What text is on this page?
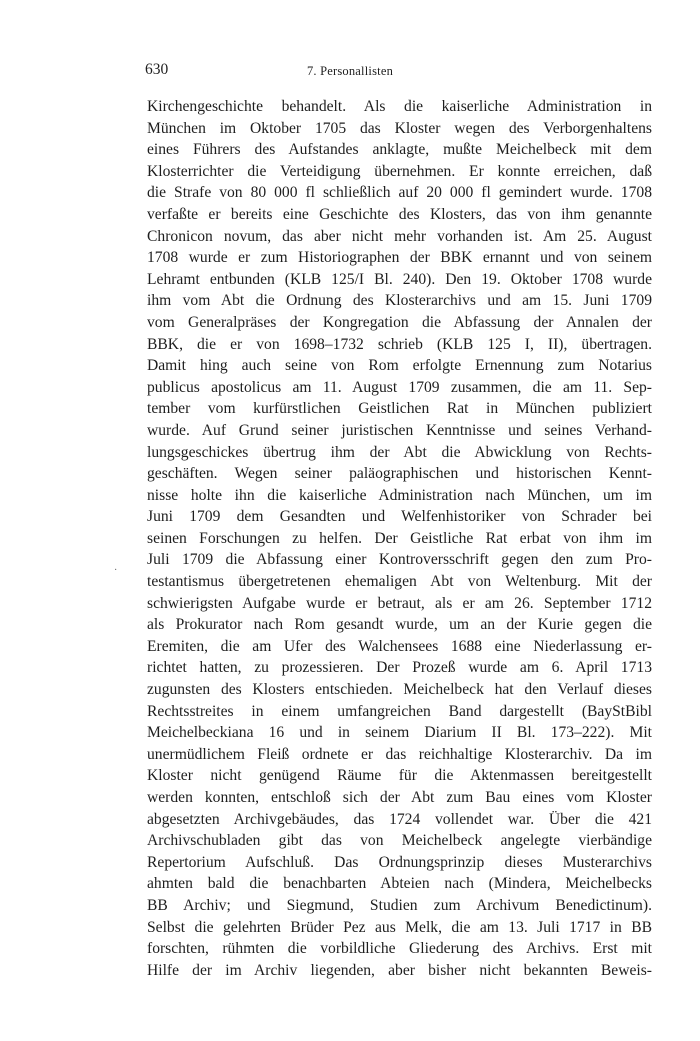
630	7. Personallisten
·
Kirchengeschichte behandelt. Als die kaiserliche Administration in
München im Oktober 1705 das Kloster wegen des Verborgenhaltens
eines Führers des Aufstandes anklagte, mußte Meichelbeck mit dem
Klosterrichter die Verteidigung übernehmen. Er konnte erreichen, daß
die Strafe von 80 000 fl schließlich auf 20 000 fl gemindert wurde. 1708
verfaßte er bereits eine Geschichte des Klosters, das von ihm genannte
Chronicon novum, das aber nicht mehr vorhanden ist. Am 25. August
1708 wurde er zum Historiographen der BBK ernannt und von seinem
Lehramt entbunden (KLB 125/I Bl. 240). Den 19. Oktober 1708 wurde
ihm vom Abt die Ordnung des Klosterarchivs und am 15. Juni 1709
vom Generalpräses der Kongregation die Abfassung der Annalen der
BBK, die er von 1698–1732 schrieb (KLB 125 I, II), übertragen.
Damit hing auch seine von Rom erfolgte Ernennung zum Notarius
publicus apostolicus am 11. August 1709 zusammen, die am 11. Sep-
tember vom kurfürstlichen Geistlichen Rat in München publiziert
wurde. Auf Grund seiner juristischen Kenntnisse und seines Verhand-
lungsgeschickes übertrug ihm der Abt die Abwicklung von Rechts-
geschäften. Wegen seiner paläographischen und historischen Kennt-
nisse holte ihn die kaiserliche Administration nach München, um im
Juni 1709 dem Gesandten und Welfenhistoriker von Schrader bei
seinen Forschungen zu helfen. Der Geistliche Rat erbat von ihm im
Juli 1709 die Abfassung einer Kontroversschrift gegen den zum Pro-
testantismus übergetretenen ehemaligen Abt von Weltenburg. Mit der
schwierigsten Aufgabe wurde er betraut, als er am 26. September 1712
als Prokurator nach Rom gesandt wurde, um an der Kurie gegen die
Eremiten, die am Ufer des Walchensees 1688 eine Niederlassung er-
richtet hatten, zu prozessieren. Der Prozeß wurde am 6. April 1713
zugunsten des Klosters entschieden. Meichelbeck hat den Verlauf dieses
Rechtsstreites in einem umfangreichen Band dargestellt (BayStBibl
Meichelbeckiana 16 und in seinem Diarium II Bl. 173–222). Mit
unermüdlichem Fleiß ordnete er das reichhaltige Klosterarchiv. Da im
Kloster nicht genügend Räume für die Aktenmassen bereitgestellt
werden konnten, entschloß sich der Abt zum Bau eines vom Kloster
abgesetzten Archivgebäudes, das 1724 vollendet war. Über die 421
Archivschubladen gibt das von Meichelbeck angelegte vierbändige
Repertorium Aufschluß. Das Ordnungsprinzip dieses Musterarchivs
ahmten bald die benachbarten Abteien nach (Mindera, Meichelbecks
BB Archiv; und Siegmund, Studien zum Archivum Benedictinum).
Selbst die gelehrten Brüder Pez aus Melk, die am 13. Juli 1717 in BB
forschten, rühmten die vorbildliche Gliederung des Archivs. Erst mit
Hilfe der im Archiv liegenden, aber bisher nicht bekannten Beweis-
